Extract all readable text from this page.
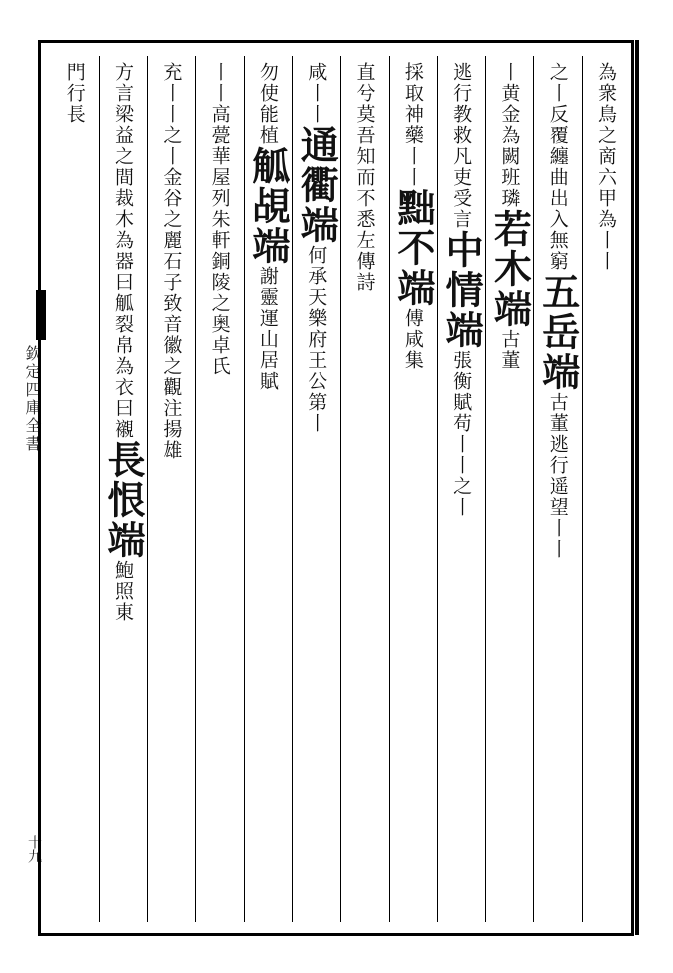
欽定四庫全書
十九
為衆鳥之啇六甲為丨丨
之丨反覆纏曲出入無窮五岳端古董逃行遥望丨丨
丨黄金為闕班璘若木端古董
逃行教救凡吏受言中情端張衡賦苟丨丨之丨
採取神藥丨丨黜不端傅咸集
直兮莫吾知而不悉左傳詩
咸丨丨通衢端何承天樂府王公第丨
勿使能植觚覘端謝靈運山居賦
丨丨高甍華屋列朱軒銅陵之奥卓氏
充丨丨之丨金谷之麗石子致音徽之觀注揚雄
方言梁益之間裁木為器曰觚裂帛為衣曰襯長恨端鮑照東
門行長
